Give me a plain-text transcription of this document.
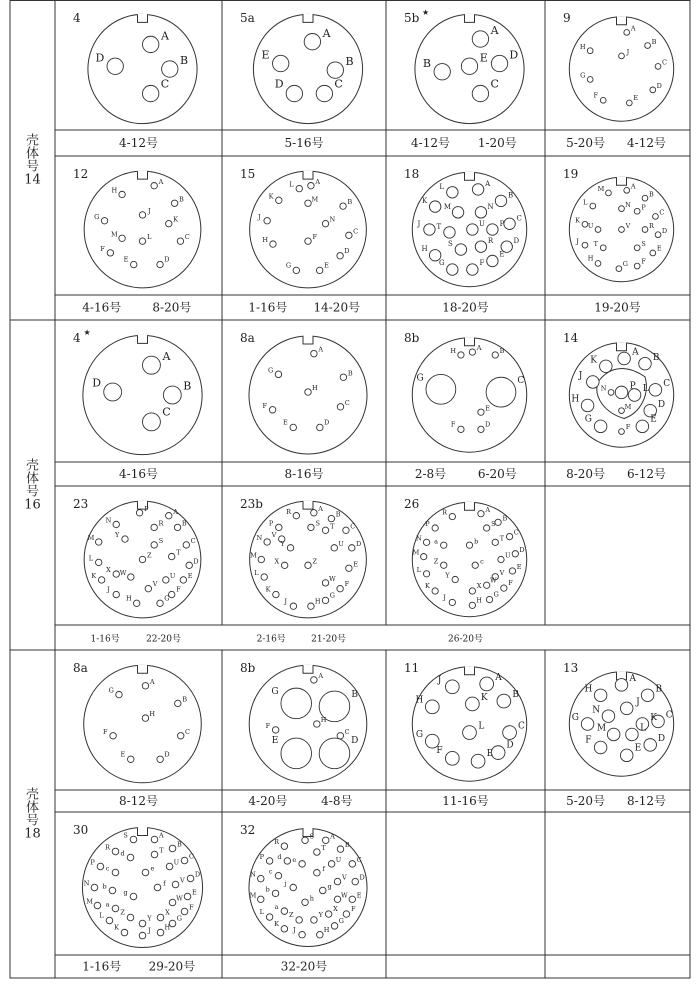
壳
体
号
14
4
A
B
C
D
4-12号
5a
A
B
C
D
E
5-16号
5b ★
A
B
C
D
E
4-12号 1-20号
9
A
B
C
D
E
F
G
H
J
5-20号 4-12号
12
A
B
C
D
E
F
G
H
J
K
L
M
4-16号	8-20号
15
A
B
C
D
E
F
G
H
J
K
L
M
N
1-16号 14-20号
18
A
B
C
D
E
F
G
H
J
K
L
M	N
P
R
S
T	U
18-20号
19
A
B
C
D
E
F
G
H
J
K
L
M
N P
R
S
T
U	V
19-20号
壳
体
号
16
4 ★
A
B
C
D
4-16号
8a
A
B
C
D
E
F
G
H
8-16号
8b
A	B
C
D
E
F
G
H
2-8号	6-20号
14
A
B
C
D
E
F
G
H
J
K
L
M
N	P
8-20号 6-12号
23
A
B
C
D
E
F
G
H
J
K
L
M
N
P
R
S
T
U
V
W
X
Y
Z
1-16号	22-20号
23b	A
B
C
D
E
F
G
H
J
K
L
M
N
P
R
S T
U
V
W
X
Y
Z
2-16号	21-20号
26	A
B
C
D
E
F
G
H
J
K
L
M
N
P
R
S
T
U
V
W
X
Y
Z
a	b
c
26-20号
壳
体
号
18
8a
A
B
C
D
E
F
G
H
8-12号
8b
A
B
C
D
E
F
G
H
4-20号	4-8号
11
A
B
C
D
E
F
G
H
J
K
L
11-16号
13
A
B
C
D
E
F
G
H
J
K
L
M
N
5-20号 8-12号
30	A
B
C
D
E
F
G
H
J
K
L
M
N
P
R
S
T
U
V
W
X
Y
Z
a
b
c
d
e
f
g
1-16号 29-20号
32	A
B
C
D
E
F
G
H
J
K
L
M
N
P
R
S
T
U
V
W
X
Y
Z
a
b
c
d e
f
g
h
j
32-20号
